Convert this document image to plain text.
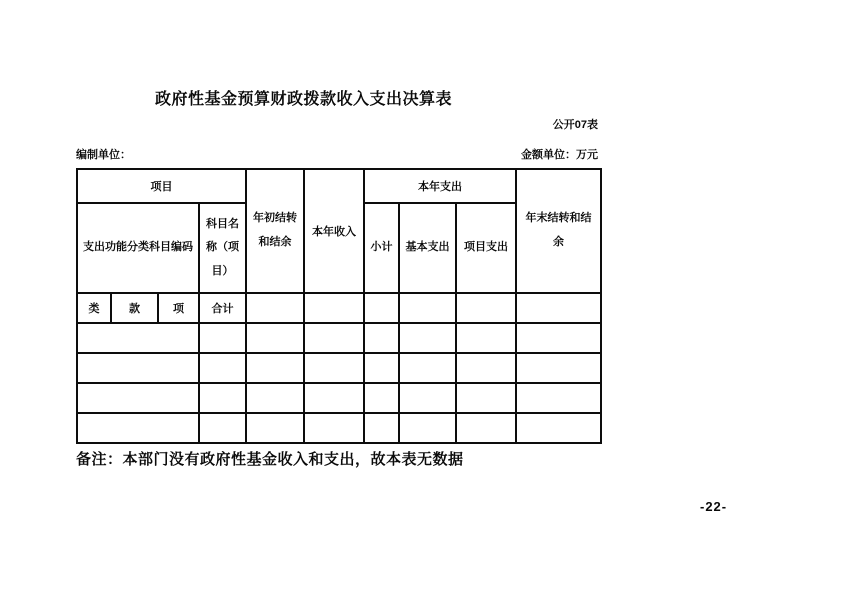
政府性基金预算财政拨款收入支出决算表
公开07表
编制单位：	金额单位：万元
项目				年初结转和结余	本年收入	本年支出			年末结转和结余
支出功能分类科目编码			科目名称（项目）			小计	基本支出	项目支出	
类	款	项	合计						

备注：本部门没有政府性基金收入和支出，故本表无数据
-22-
